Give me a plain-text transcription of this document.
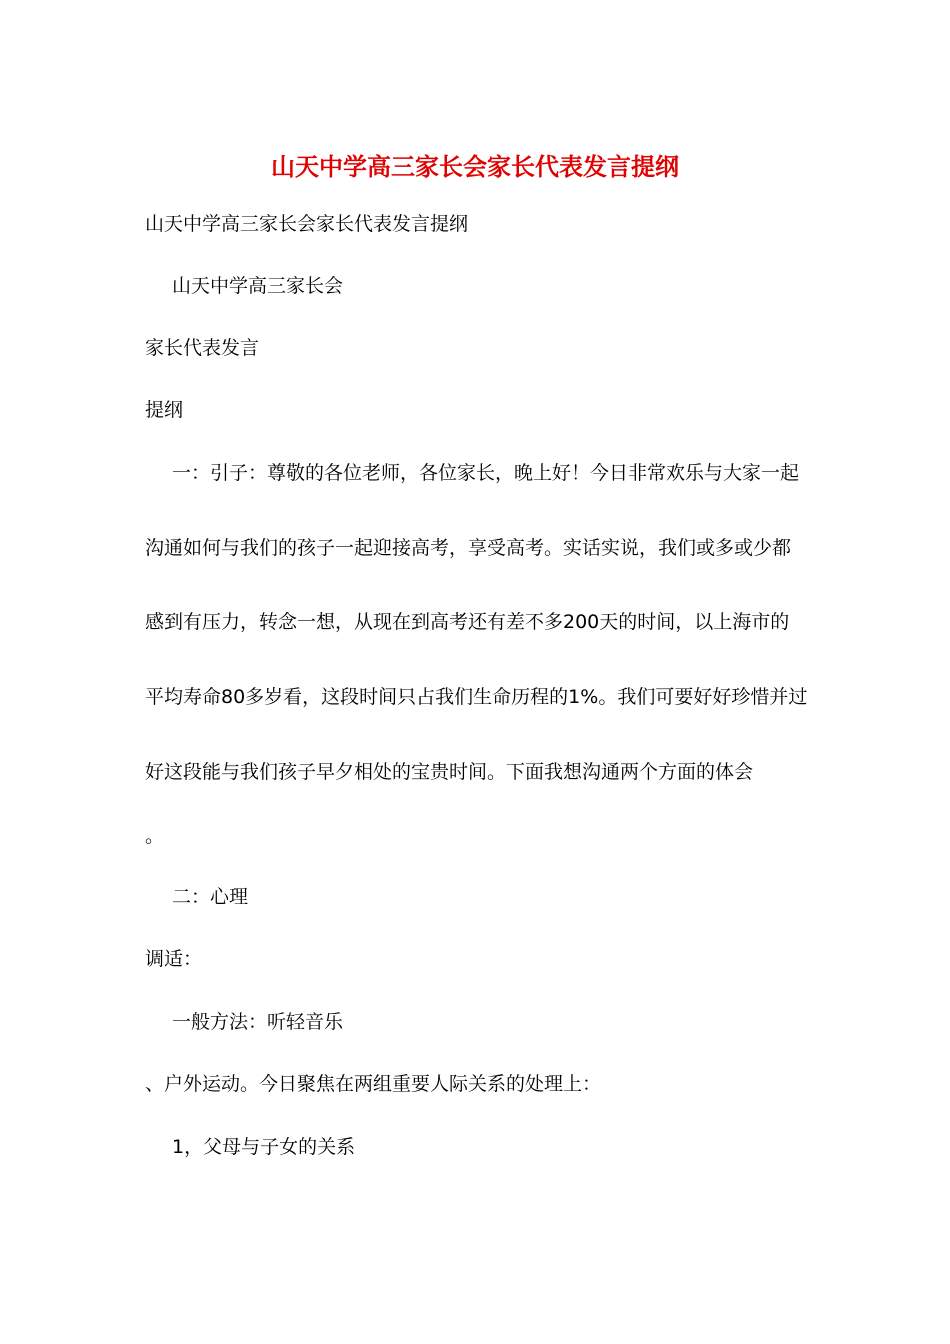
山天中学高三家长会家长代表发言提纲
山天中学高三家长会家长代表发言提纲
山天中学高三家长会
家长代表发言
提纲
一：引子：尊敬的各位老师，各位家长，晚上好！今日非常欢乐与大家一起
沟通如何与我们的孩子一起迎接高考，享受高考。实话实说，我们或多或少都
感到有压力，转念一想，从现在到高考还有差不多200天的时间，以上海市的
平均寿命80多岁看，这段时间只占我们生命历程的1%。我们可要好好珍惜并过
好这段能与我们孩子早夕相处的宝贵时间。下面我想沟通两个方面的体会
。
二：心理
调适：
一般方法：听轻音乐
、户外运动。今日聚焦在两组重要人际关系的处理上：
1，父母与子女的关系
